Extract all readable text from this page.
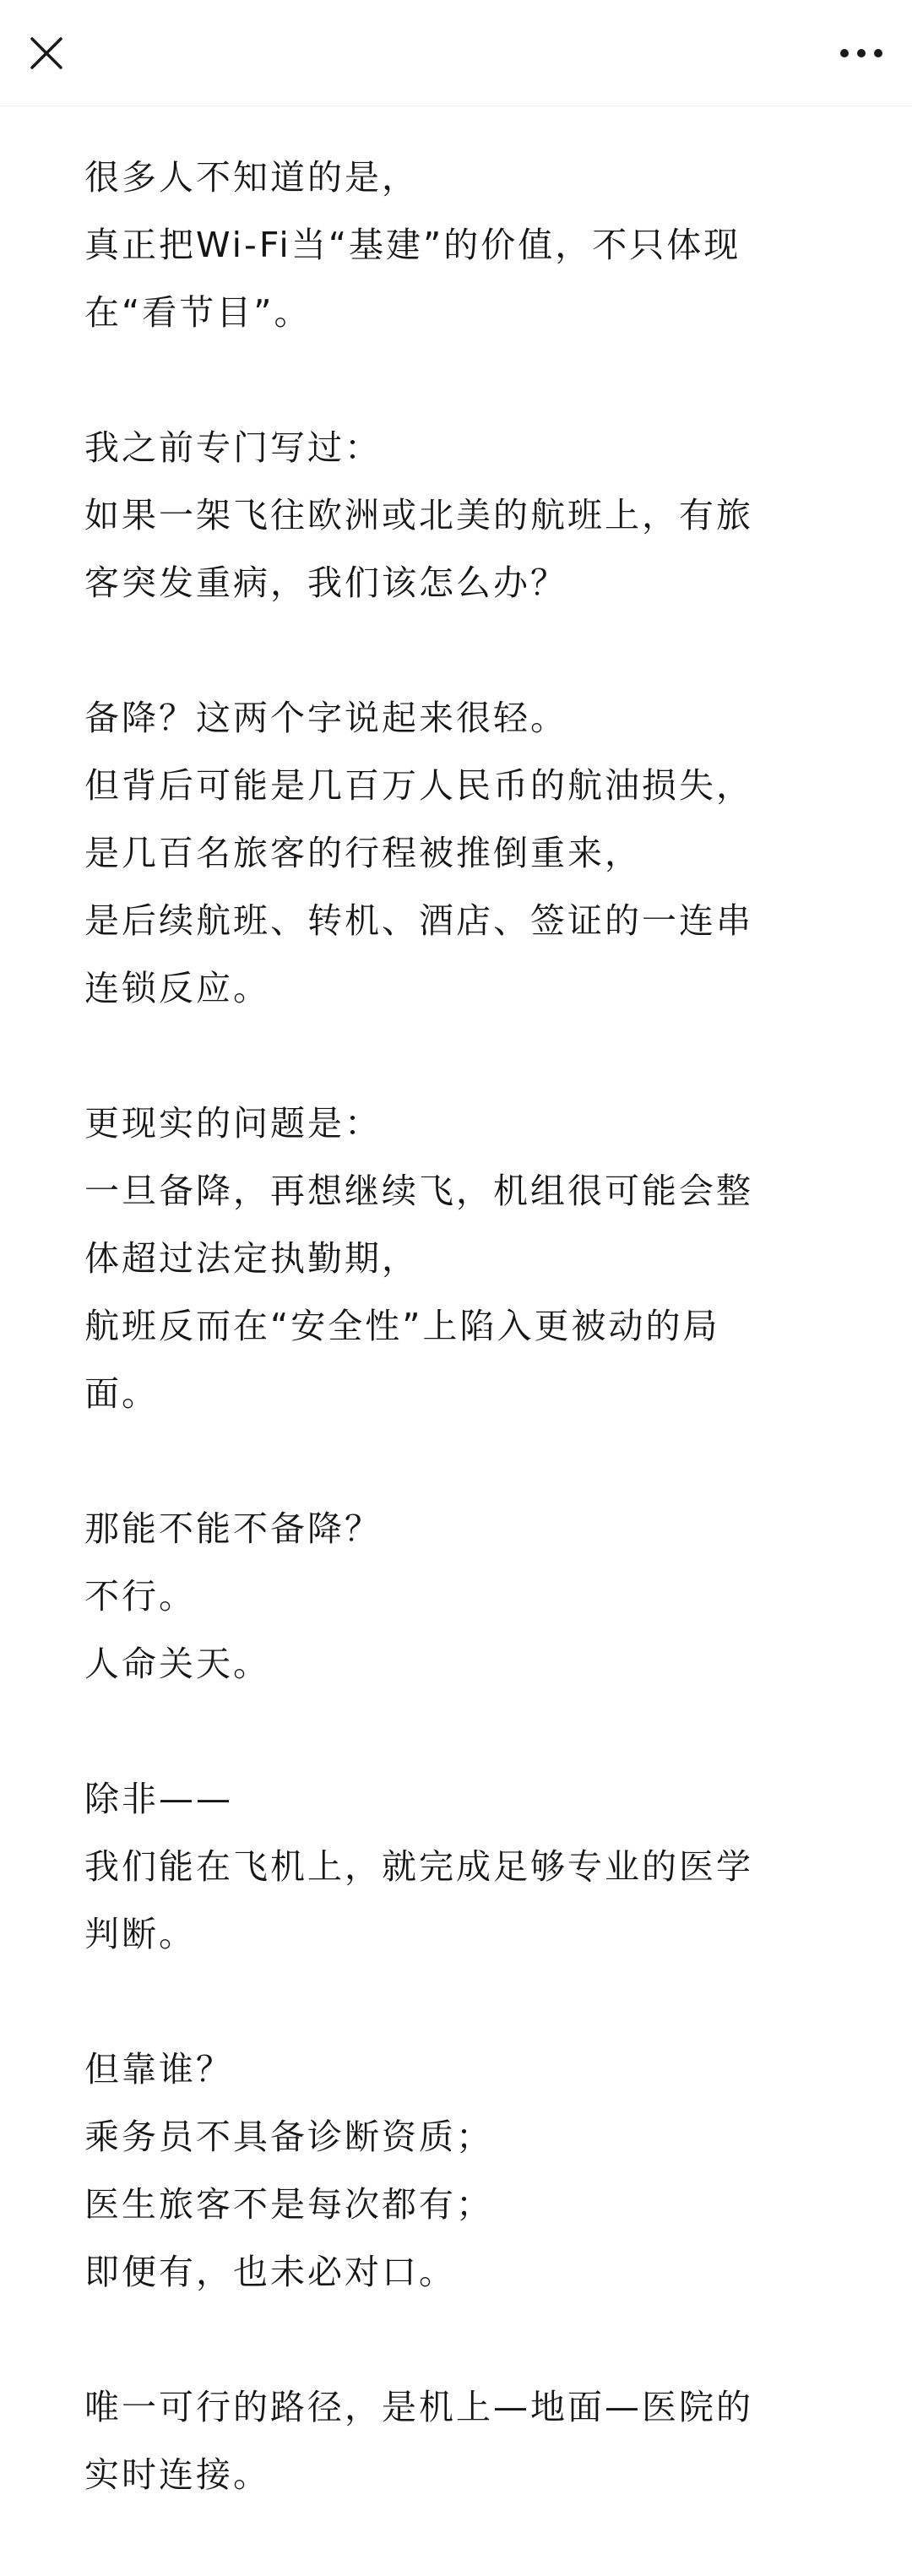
很多人不知道的是，
真正把Wi-Fi当“基建”的价值，不只体现
在“看节目”。
我之前专门写过：
如果一架飞往欧洲或北美的航班上，有旅
客突发重病，我们该怎么办？
备降？这两个字说起来很轻。
但背后可能是几百万人民币的航油损失，
是几百名旅客的行程被推倒重来，
是后续航班、转机、酒店、签证的一连串
连锁反应。
更现实的问题是：
一旦备降，再想继续飞，机组很可能会整
体超过法定执勤期，
航班反而在“安全性”上陷入更被动的局
面。
那能不能不备降？
不行。
人命关天。
除非——
我们能在飞机上，就完成足够专业的医学
判断。
但靠谁？
乘务员不具备诊断资质；
医生旅客不是每次都有；
即便有，也未必对口。
唯一可行的路径，是机上—地面—医院的
实时连接。
